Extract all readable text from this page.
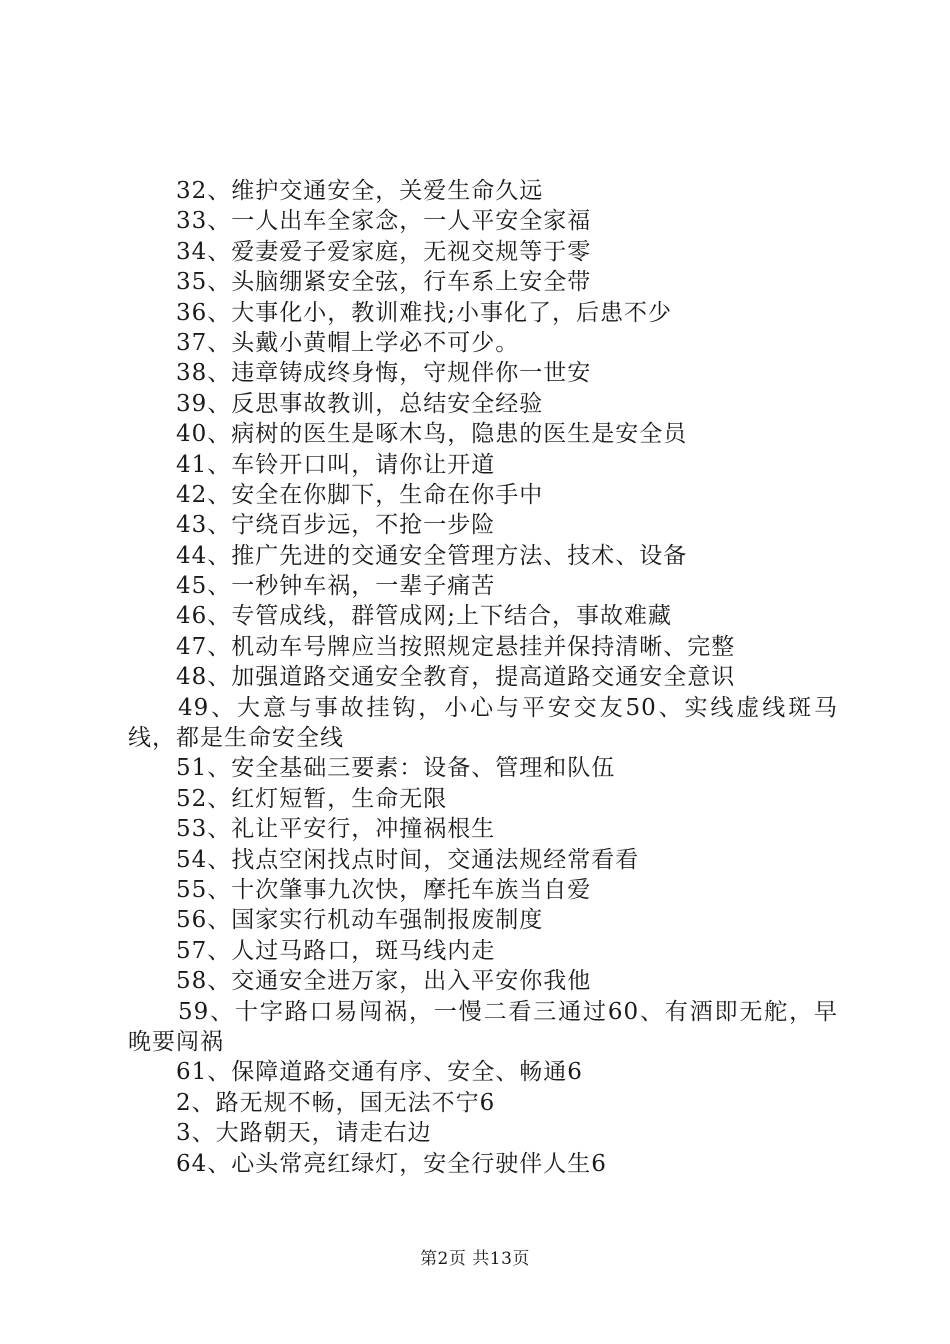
32、维护交通安全，关爱生命久远
33、一人出车全家念，一人平安全家福
34、爱妻爱子爱家庭，无视交规等于零
35、头脑绷紧安全弦，行车系上安全带
36、大事化小，教训难找;小事化了，后患不少
37、头戴小黄帽上学必不可少。
38、违章铸成终身悔，守规伴你一世安
39、反思事故教训，总结安全经验
40、病树的医生是啄木鸟，隐患的医生是安全员
41、车铃开口叫，请你让开道
42、安全在你脚下，生命在你手中
43、宁绕百步远，不抢一步险
44、推广先进的交通安全管理方法、技术、设备
45、一秒钟车祸，一辈子痛苦
46、专管成线，群管成网;上下结合，事故难藏
47、机动车号牌应当按照规定悬挂并保持清晰、完整
48、加强道路交通安全教育，提高道路交通安全意识
49、大意与事故挂钩，小心与平安交友50、实线虚线斑马线，都是生命安全线
51、安全基础三要素：设备、管理和队伍
52、红灯短暂，生命无限
53、礼让平安行，冲撞祸根生
54、找点空闲找点时间，交通法规经常看看
55、十次肇事九次快，摩托车族当自爱
56、国家实行机动车强制报废制度
57、人过马路口，斑马线内走
58、交通安全进万家，出入平安你我他
59、十字路口易闯祸，一慢二看三通过60、有酒即无舵，早晚要闯祸
61、保障道路交通有序、安全、畅通6
2、路无规不畅，国无法不宁6
3、大路朝天，请走右边
64、心头常亮红绿灯，安全行驶伴人生6
第2页 共13页
